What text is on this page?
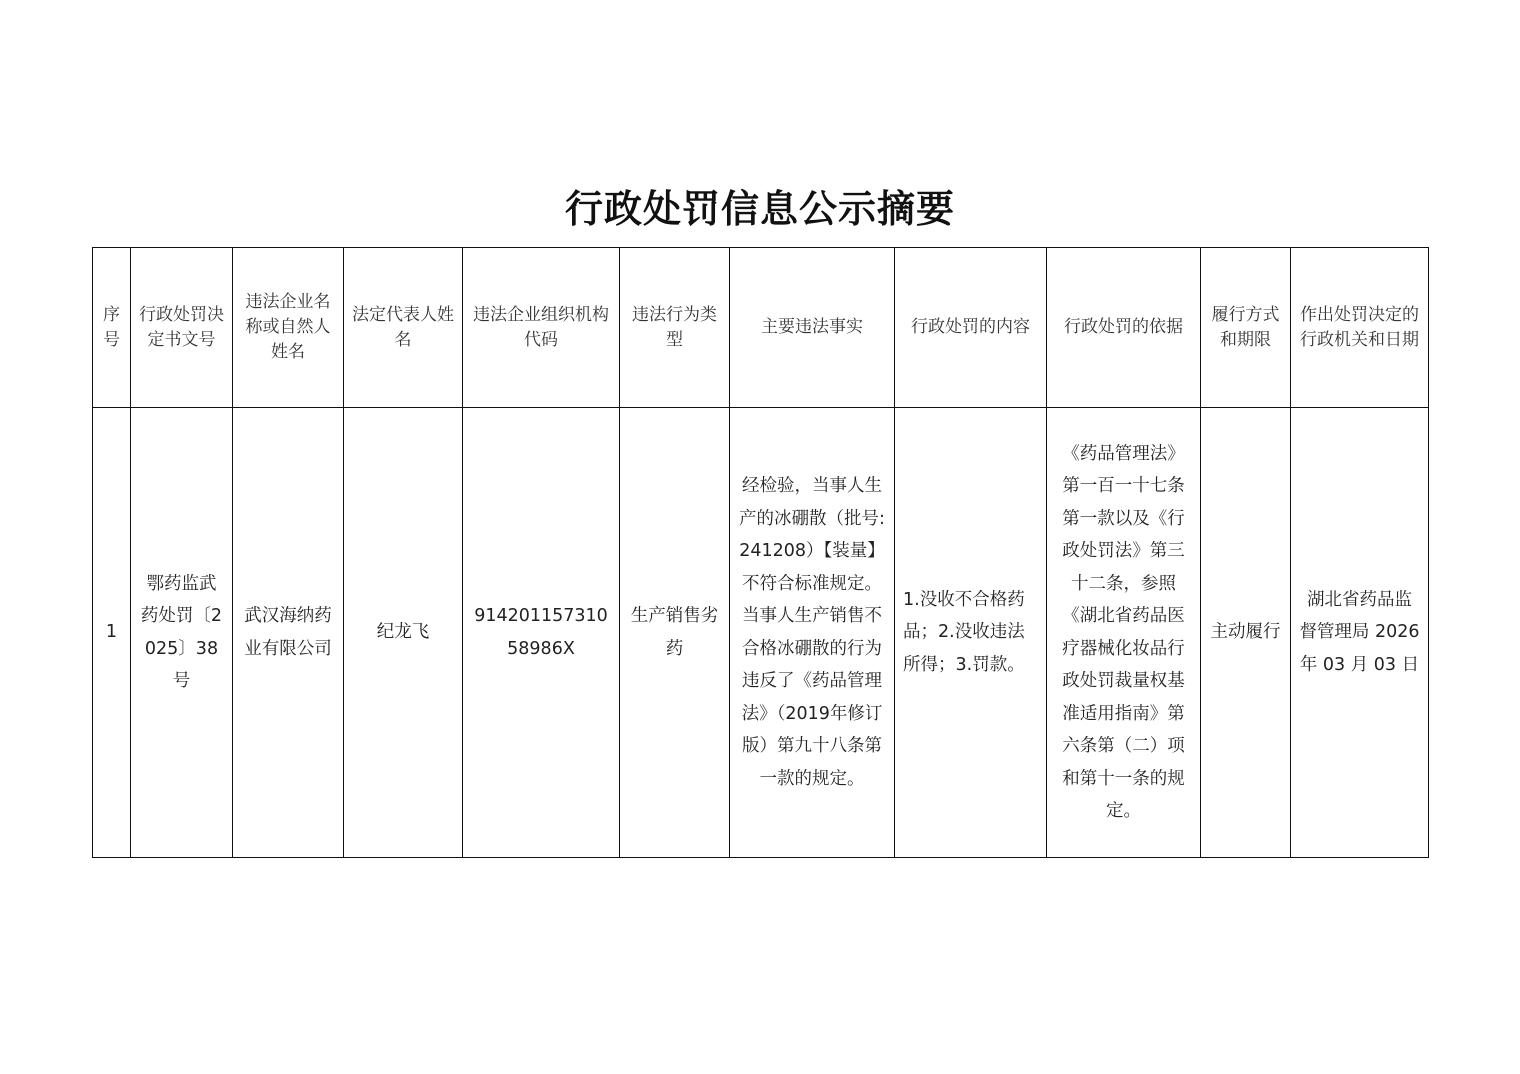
行政处罚信息公示摘要
序号	行政处罚决定书文号	违法企业名称或自然人姓名	法定代表人姓名	违法企业组织机构代码	违法行为类型	主要违法事实	行政处罚的内容	行政处罚的依据	履行方式和期限	作出处罚决定的行政机关和日期

1	鄂药监武药处罚〔2025〕38 号	武汉海纳药业有限公司	纪龙飞	91420115731058986X	生产销售劣药	经检验，当事人生产的冰硼散（批号:241208）【装量】不符合标准规定。当事人生产销售不合格冰硼散的行为违反了《药品管理法》（2019年修订版）第九十八条第一款的规定。	1.没收不合格药品；2.没收违法所得；3.罚款。	《药品管理法》第一百一十七条第一款以及《行政处罚法》第三十二条，参照《湖北省药品医疗器械化妆品行政处罚裁量权基准适用指南》第六条第（二）项和第十一条的规定。	主动履行	湖北省药品监督管理局 2026 年 03 月 03 日
